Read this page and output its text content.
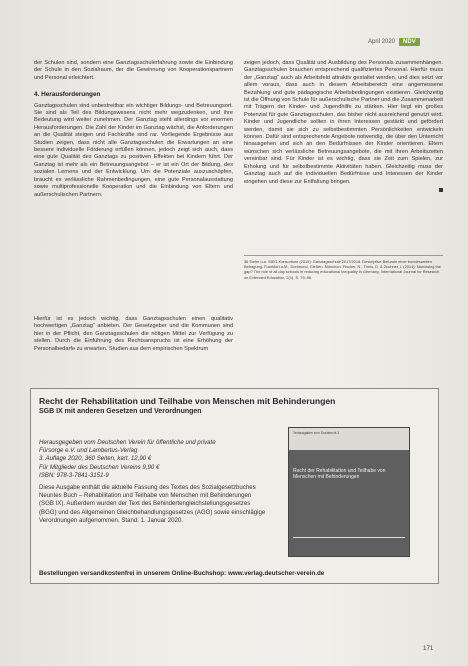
April 2020	NDV

der Schulen sind, sondern eine Ganztagsschulerfahrung sowie die Einbindung der Schule in den Sozialraum, der die Gewinnung von Kooperationspartnern und Personal erleichtert.

4. Herausforderungen

Ganztagsschulen sind unbestreitbar ein wichtiger Bildungs- und Betreuungsort. Sie sind als Teil des Bildungswesens nicht mehr wegzudenken, und ihre Bedeutung wird weiter zunehmen. Der Ganztag steht allerdings vor enormen Herausforderungen. Die Zahl der Kinder im Ganztag wächst, die Anforderungen an die Qualität steigen und Fachkräfte sind rar. Vorliegende Ergebnisse aus Studien zeigen, dass nicht alle Ganztagsschulen die Erwartungen an eine bessere individuelle Förderung erfüllen können, jedoch zeigt sich auch, dass eine gute Qualität des Ganztags zu positiven Effekten bei Kindern führt. Der Ganztag ist mehr als ein Betreuungsangebot – er ist ein Ort der Bildung, des sozialen Lernens und der Entwicklung. Um die Potenziale auszuschöpfen, braucht es verlässliche Rahmenbedingungen, eine gute Personalausstattung sowie multiprofessionelle Kooperation und die Einbindung von Eltern und außerschulischen Partnern.

Hierfür ist es jedoch wichtig, dass Ganztagsschulen einen qualitativ hochwertigen „Ganztag“ anbieten. Der Gesetzgeber und die Kommunen sind hier in der Pflicht, den Ganztagsschulen die nötigen Mittel zur Verfügung zu stellen. Durch die Einführung des Rechtsanspruchs ist eine Erhöhung der Personalbedarfe zu erwarten. Studien aus dem empirischen Spektrum

zeigen jedoch, dass Qualität und Ausbildung des Personals zusammenhängen. Ganztagsschulen brauchen entsprechend qualifiziertes Personal. Hierfür muss der „Ganztag“ auch als Arbeitsfeld attraktiv gestaltet werden, und dies setzt vor allem voraus, dass auch in diesem Arbeitsbereich eine angemessene Bezahlung und gute pädagogische Arbeitsbedingungen existieren. Gleichzeitig ist die Öffnung von Schule für außerschulische Partner und die Zusammenarbeit mit Trägern der Kinder- und Jugendhilfe zu stärken. Hier liegt ein großes Potenzial für gute Ganztagsschulen, das bisher nicht ausreichend genutzt wird. Kinder und Jugendliche sollten in ihren Interessen gestärkt und gefördert werden, damit sie sich zu selbstbestimmten Persönlichkeiten entwickeln können. Dafür sind entsprechende Angebote notwendig, die über den Unterricht hinausgehen und sich an den Bedürfnissen der Kinder orientieren. Eltern wünschen sich verlässliche Betreuungsangebote, die mit ihren Arbeitszeiten vereinbar sind. Für Kinder ist es wichtig, dass sie Zeit zum Spielen, zur Erholung und für selbstbestimmte Aktivitäten haben. Gleichzeitig muss der Ganztag auch auf die individuellen Bedürfnisse und Interessen der Kinder eingehen und diese zur Entfaltung bringen.

36 Siehe u.a. StEG-Konsortium (2019): Ganztagsschule 2017/2018. Deskriptive Befunde einer bundesweiten Befragung. Frankfurt a.M., Dortmund, Gießen, München. Fischer, N., Theis, D. & Züchner, I. (2014): Narrowing the gap? The role of all-day schools in reducing educational inequality in Germany. International Journal for Research on Extended Education, 2(1), S. 79–96.

Recht der Rehabilitation und Teilhabe von Menschen mit Behinderungen
SGB IX mit anderen Gesetzen und Verordnungen
Herausgegeben vom Deutschen Verein für öffentliche und private
Fürsorge e.V. und Lambertus-Verlag
3. Auflage 2020, 360 Seiten, kart. 12,90 €
Für Mitglieder des Deutschen Vereins 9,90 €
ISBN: 978-3-7841-3151-9
Diese Ausgabe enthält die aktuelle Fassung des Textes des Sozialgesetzbuches Neuntes Buch – Rehabilitation und Teilhabe von Menschen mit Behinderungen (SGB IX). Außerdem wurden der Text des Behindertengleichstellungsgesetzes (BGG) und des Allgemeinen Gleichbehandlungsgesetzes (AGG) sowie einschlägige Verordnungen aufgenommen. Stand: 1. Januar 2020.
Textausgaben zum Sozialrecht 3
Recht der Rehabilitation und Teilhabe von Menschen mit Behinderungen
Bestellungen versandkostenfrei in unserem Online-Buchshop: www.verlag.deutscher-verein.de
171
